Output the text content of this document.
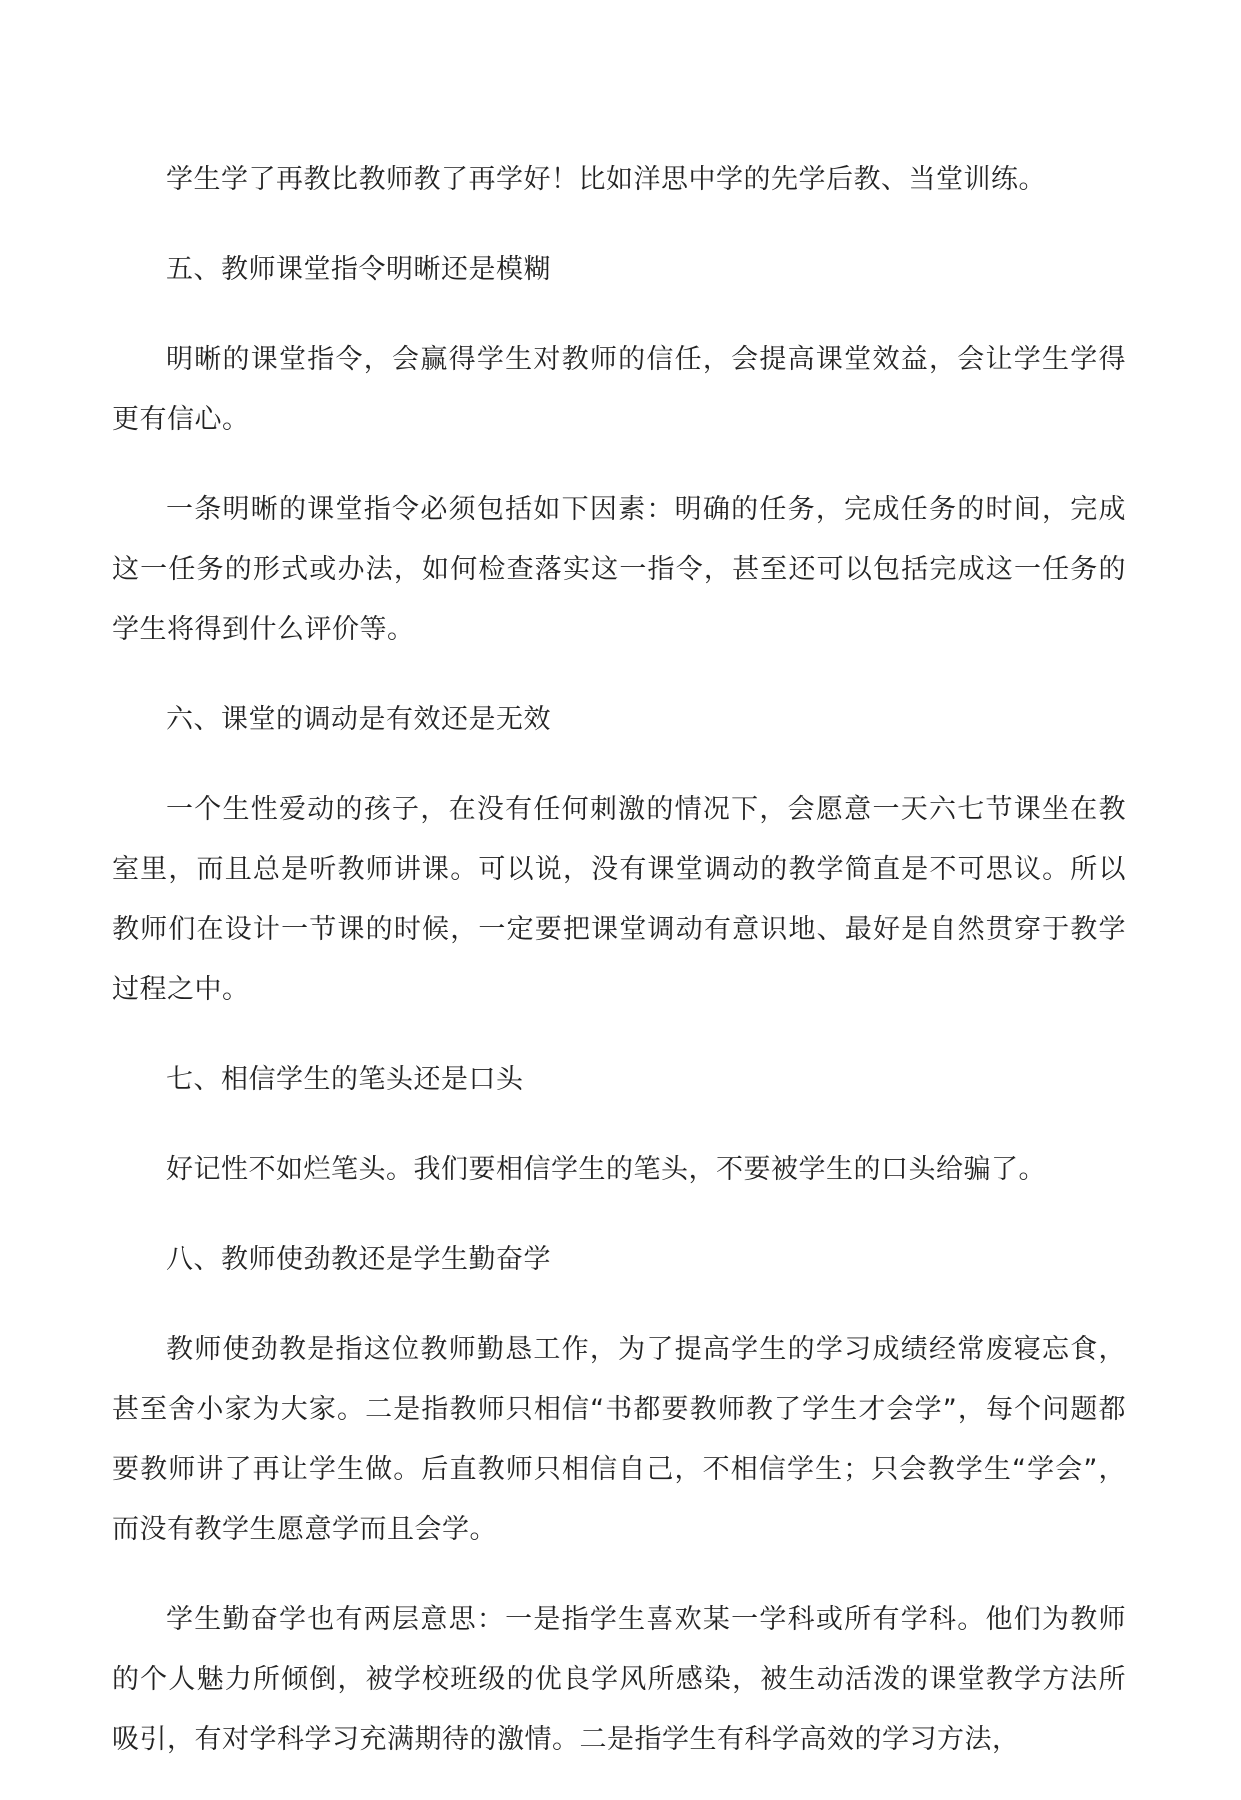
学生学了再教比教师教了再学好！比如洋思中学的先学后教、当堂训练。

五、教师课堂指令明晰还是模糊

明晰的课堂指令，会赢得学生对教师的信任，会提高课堂效益，会让学生学得更有信心。

一条明晰的课堂指令必须包括如下因素：明确的任务，完成任务的时间，完成这一任务的形式或办法，如何检查落实这一指令，甚至还可以包括完成这一任务的学生将得到什么评价等。

六、课堂的调动是有效还是无效

一个生性爱动的孩子，在没有任何刺激的情况下，会愿意一天六七节课坐在教室里，而且总是听教师讲课。可以说，没有课堂调动的教学简直是不可思议。所以教师们在设计一节课的时候，一定要把课堂调动有意识地、最好是自然贯穿于教学过程之中。

七、相信学生的笔头还是口头

好记性不如烂笔头。我们要相信学生的笔头，不要被学生的口头给骗了。

八、教师使劲教还是学生勤奋学

教师使劲教是指这位教师勤恳工作，为了提高学生的学习成绩经常废寝忘食，甚至舍小家为大家。二是指教师只相信“书都要教师教了学生才会学”，每个问题都要教师讲了再让学生做。后直教师只相信自己，不相信学生；只会教学生“学会”，而没有教学生愿意学而且会学。

学生勤奋学也有两层意思：一是指学生喜欢某一学科或所有学科。他们为教师的个人魅力所倾倒，被学校班级的优良学风所感染，被生动活泼的课堂教学方法所吸引，有对学科学习充满期待的激情。二是指学生有科学高效的学习方法，
